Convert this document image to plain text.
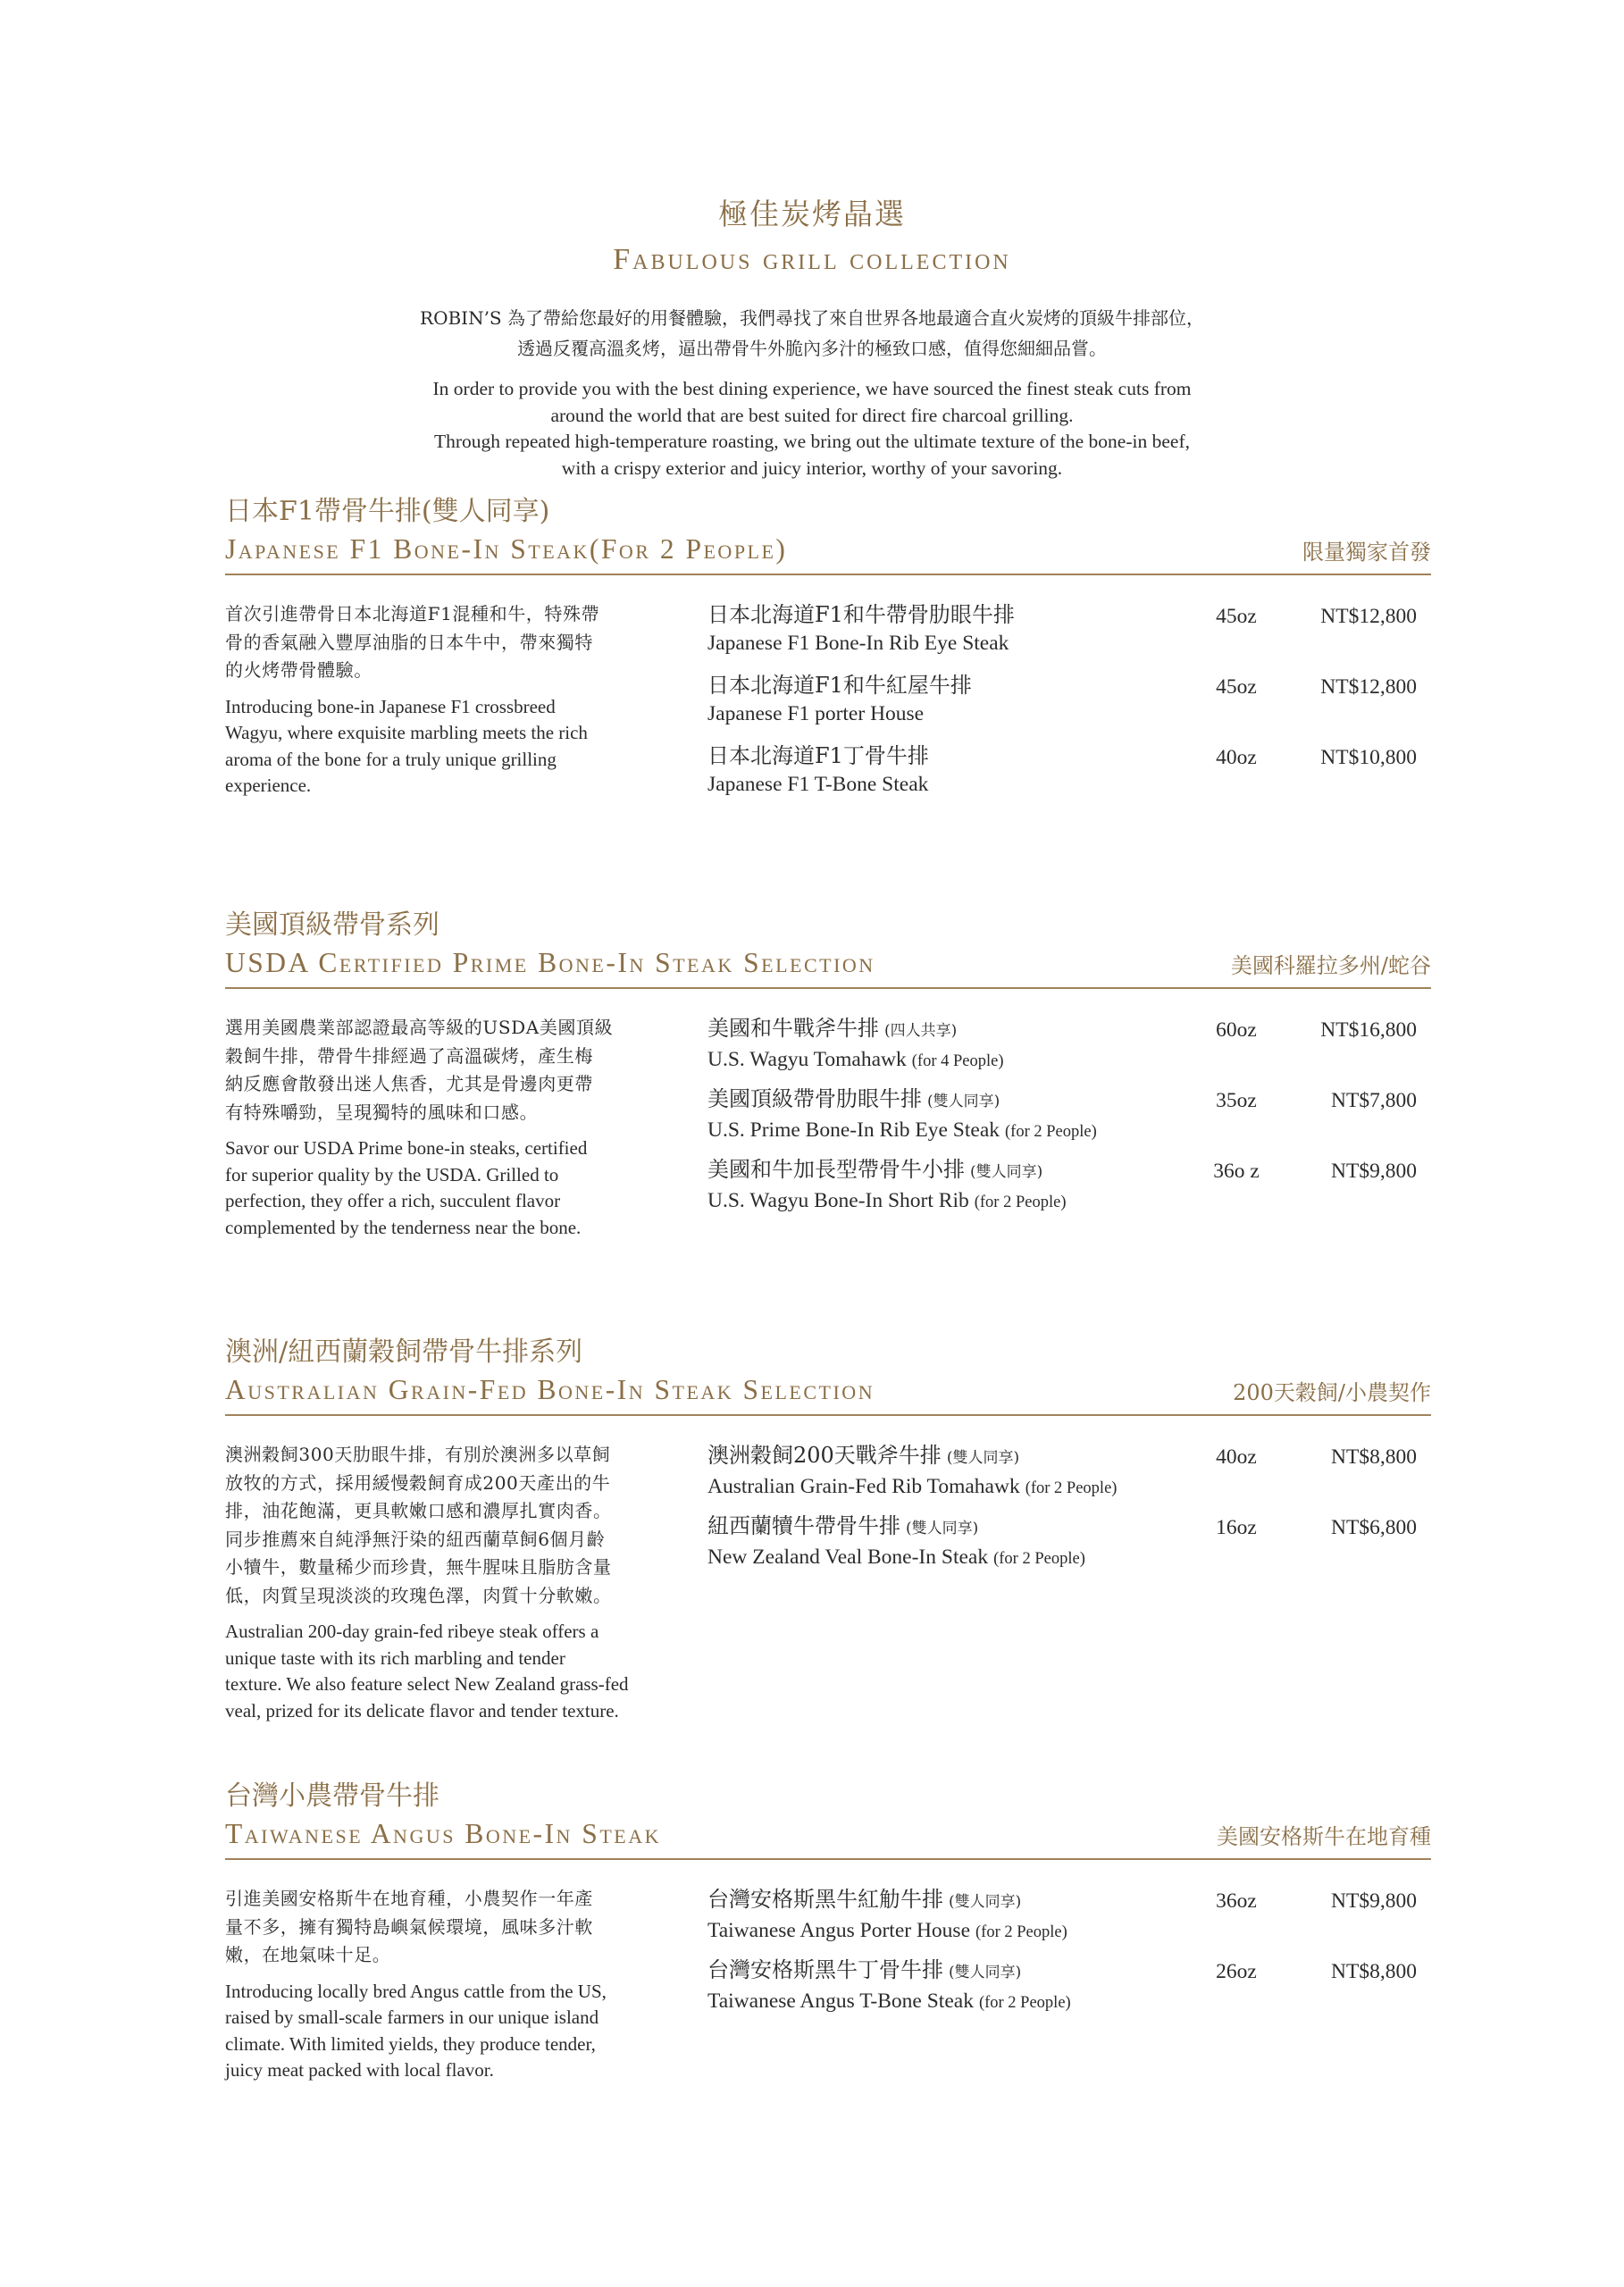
極佳炭烤晶選
Fabulous grill collection
ROBIN’S 為了帶給您最好的用餐體驗，我們尋找了來自世界各地最適合直火炭烤的頂級牛排部位，
透過反覆高溫炙烤，逼出帶骨牛外脆內多汁的極致口感，值得您細細品嘗。
In order to provide you with the best dining experience, we have sourced the finest steak cuts from
around the world that are best suited for direct fire charcoal grilling.
Through repeated high-temperature roasting, we bring out the ultimate texture of the bone-in beef,
with a crispy exterior and juicy interior, worthy of your savoring.
日本F1帶骨牛排(雙人同享)
Japanese F1 Bone-In Steak(For 2 People)	限量獨家首發
首次引進帶骨日本北海道F1混種和牛，特殊帶
骨的香氣融入豐厚油脂的日本牛中，帶來獨特
的火烤帶骨體驗。
Introducing bone-in Japanese F1 crossbreed
Wagyu, where exquisite marbling meets the rich
aroma of the bone for a truly unique grilling
experience.
日本北海道F1和牛帶骨肋眼牛排
Japanese F1 Bone-In Rib Eye Steak
45oz	NT$12,800
日本北海道F1和牛紅屋牛排
Japanese F1 porter House
45oz	NT$12,800
日本北海道F1丁骨牛排
Japanese F1 T-Bone Steak
40oz	NT$10,800
美國頂級帶骨系列
USDA Certified Prime Bone-In Steak Selection	美國科羅拉多州/蛇谷
選用美國農業部認證最高等級的USDA美國頂級
穀飼牛排，帶骨牛排經過了高溫碳烤，產生梅
納反應會散發出迷人焦香，尤其是骨邊肉更帶
有特殊嚼勁，呈現獨特的風味和口感。
Savor our USDA Prime bone-in steaks, certified
for superior quality by the USDA. Grilled to
perfection, they offer a rich, succulent flavor
complemented by the tenderness near the bone.
美國和牛戰斧牛排 (四人共享)
U.S. Wagyu Tomahawk (for 4 People)
60oz	NT$16,800
美國頂級帶骨肋眼牛排 (雙人同享)
U.S. Prime Bone-In Rib Eye Steak (for 2 People)
35oz	NT$7,800
美國和牛加長型帶骨牛小排 (雙人同享)
U.S. Wagyu Bone-In Short Rib (for 2 People)
36o z	NT$9,800
澳洲/紐西蘭穀飼帶骨牛排系列
Australian Grain-Fed Bone-In Steak Selection	200天穀飼/小農契作
澳洲穀飼300天肋眼牛排，有別於澳洲多以草飼
放牧的方式，採用緩慢穀飼育成200天產出的牛
排，油花飽滿，更具軟嫩口感和濃厚扎實肉香。
同步推薦來自純淨無汙染的紐西蘭草飼6個月齡
小犢牛，數量稀少而珍貴，無牛腥味且脂肪含量
低，肉質呈現淡淡的玫瑰色澤，肉質十分軟嫩。
Australian 200-day grain-fed ribeye steak offers a
unique taste with its rich marbling and tender
texture. We also feature select New Zealand grass-fed
veal, prized for its delicate flavor and tender texture.
澳洲穀飼200天戰斧牛排 (雙人同享)
Australian Grain-Fed Rib Tomahawk (for 2 People)
40oz	NT$8,800
紐西蘭犢牛帶骨牛排 (雙人同享)
New Zealand Veal Bone-In Steak (for 2 People)
16oz	NT$6,800
台灣小農帶骨牛排
Taiwanese Angus Bone-In Steak	美國安格斯牛在地育種
引進美國安格斯牛在地育種，小農契作一年產
量不多，擁有獨特島嶼氣候環境，風味多汁軟
嫩，在地氣味十足。
Introducing locally bred Angus cattle from the US,
raised by small-scale farmers in our unique island
climate. With limited yields, they produce tender,
juicy meat packed with local flavor.
台灣安格斯黑牛紅觔牛排 (雙人同享)
Taiwanese Angus Porter House (for 2 People)
36oz	NT$9,800
台灣安格斯黑牛丁骨牛排 (雙人同享)
Taiwanese Angus T-Bone Steak (for 2 People)
26oz	NT$8,800
